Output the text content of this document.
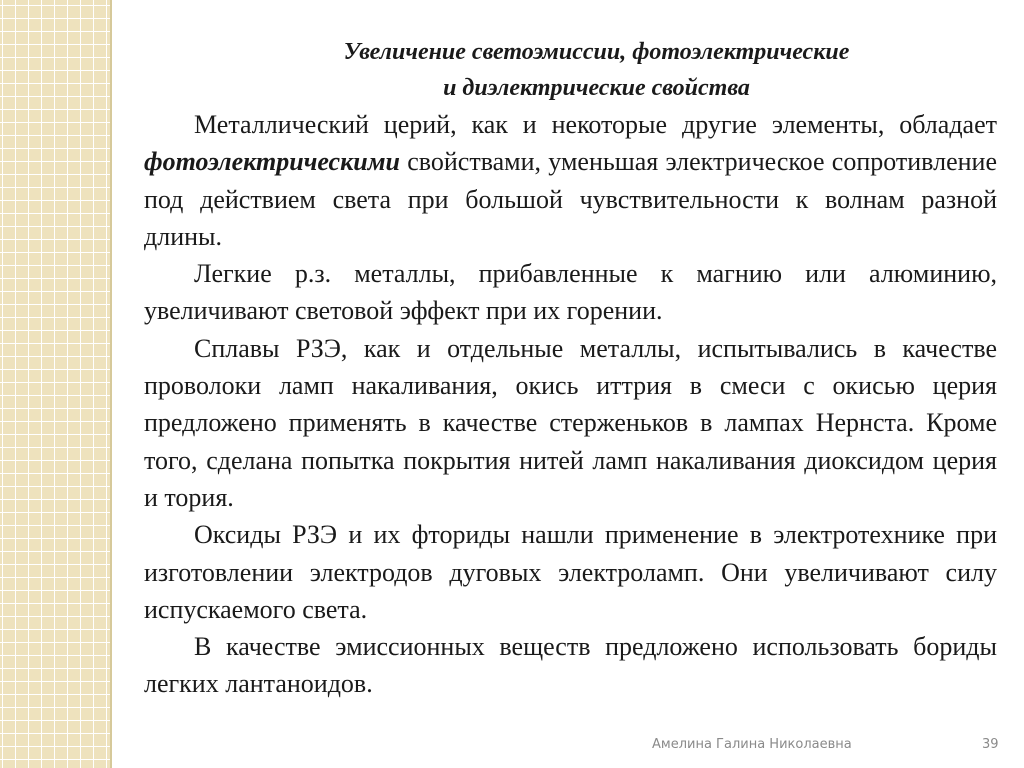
Увеличение светоэмиссии, фотоэлектрические
и диэлектрические свойства

Металлический церий, как и некоторые другие элементы, обладает фотоэлектрическими свойствами, уменьшая электрическое сопротивление под действием света при большой чувствительности к волнам разной длины.

Легкие р.з. металлы, прибавленные к магнию или алюминию, увеличивают световой эффект при их горении.

Сплавы РЗЭ, как и отдельные металлы, испытывались в качестве проволоки ламп накаливания, окись иттрия в смеси с окисью церия предложено применять в качестве стерженьков в лампах Нернста. Кроме того, сделана попытка покрытия нитей ламп накаливания диоксидом церия и тория.

Оксиды РЗЭ и их фториды нашли применение в электротехнике при изготовлении электродов дуговых электроламп. Они увеличивают силу испускаемого света.

В качестве эмиссионных веществ предложено использовать бориды легких лантаноидов.

Амелина Галина Николаевна	39
